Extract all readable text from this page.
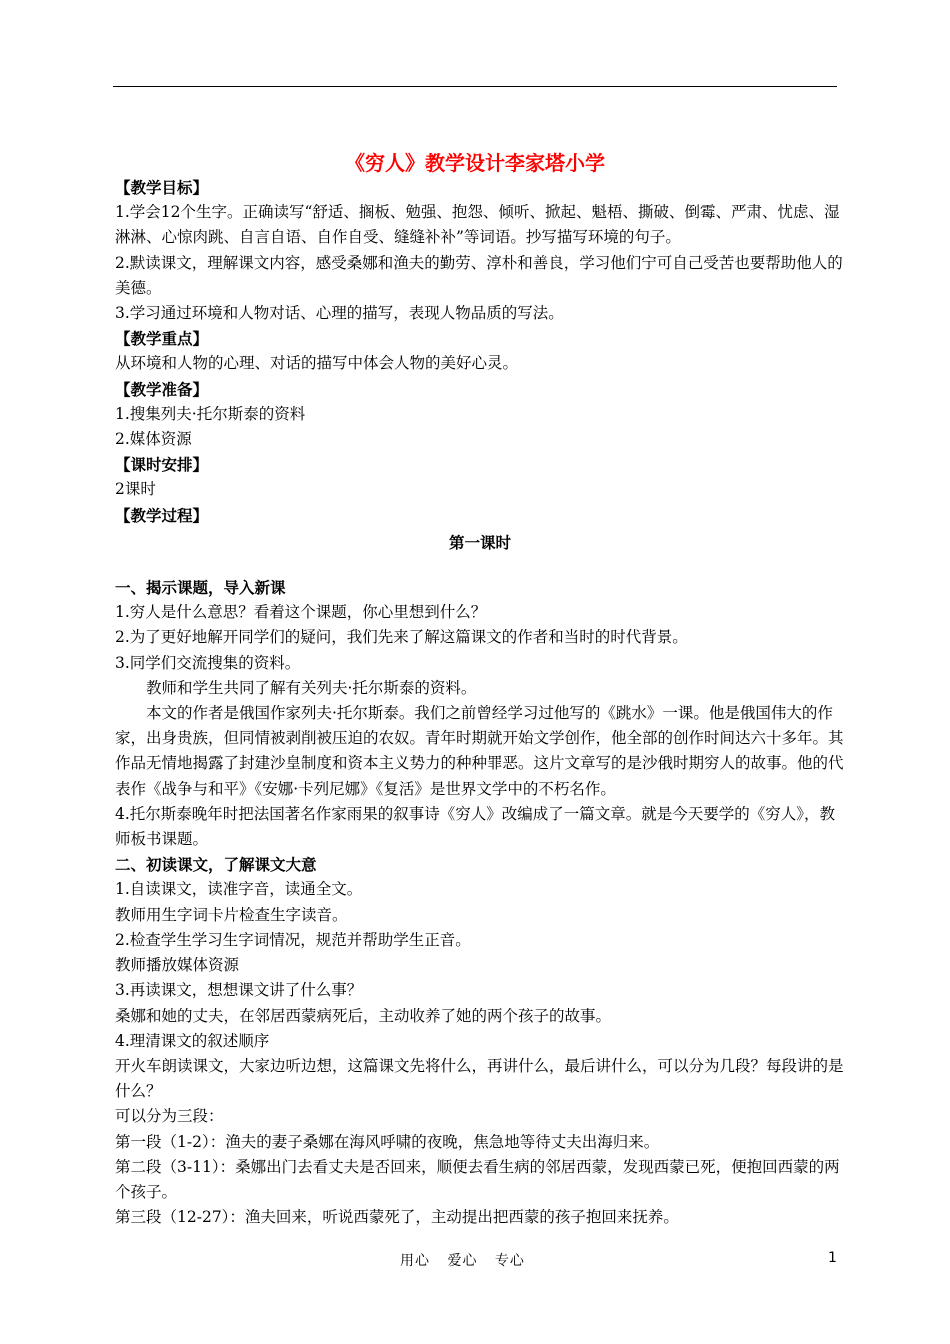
《穷人》教学设计李家塔小学

【教学目标】

1.学会12个生字。正确读写“舒适、搁板、勉强、抱怨、倾听、掀起、魁梧、撕破、倒霉、严肃、忧虑、湿淋淋、心惊肉跳、自言自语、自作自受、缝缝补补”等词语。抄写描写环境的句子。

2.默读课文，理解课文内容，感受桑娜和渔夫的勤劳、淳朴和善良，学习他们宁可自己受苦也要帮助他人的美德。

3.学习通过环境和人物对话、心理的描写，表现人物品质的写法。

【教学重点】

从环境和人物的心理、对话的描写中体会人物的美好心灵。

【教学准备】

1.搜集列夫·托尔斯泰的资料

2.媒体资源

【课时安排】

2课时

【教学过程】

第一课时

一、揭示课题，导入新课

1.穷人是什么意思？看着这个课题，你心里想到什么？

2.为了更好地解开同学们的疑问，我们先来了解这篇课文的作者和当时的时代背景。

3.同学们交流搜集的资料。

教师和学生共同了解有关列夫·托尔斯泰的资料。

本文的作者是俄国作家列夫·托尔斯泰。我们之前曾经学习过他写的《跳水》一课。他是俄国伟大的作家，出身贵族，但同情被剥削被压迫的农奴。青年时期就开始文学创作，他全部的创作时间达六十多年。其作品无情地揭露了封建沙皇制度和资本主义势力的种种罪恶。这片文章写的是沙俄时期穷人的故事。他的代表作《战争与和平》《安娜·卡列尼娜》《复活》是世界文学中的不朽名作。

4.托尔斯泰晚年时把法国著名作家雨果的叙事诗《穷人》改编成了一篇文章。就是今天要学的《穷人》，教师板书课题。

二、初读课文，了解课文大意

1.自读课文，读准字音，读通全文。

教师用生字词卡片检查生字读音。

2.检查学生学习生字词情况，规范并帮助学生正音。

教师播放媒体资源

3.再读课文，想想课文讲了什么事？

桑娜和她的丈夫，在邻居西蒙病死后，主动收养了她的两个孩子的故事。

4.理清课文的叙述顺序

开火车朗读课文，大家边听边想，这篇课文先将什么，再讲什么，最后讲什么，可以分为几段？每段讲的是什么？

可以分为三段：

第一段（1-2）：渔夫的妻子桑娜在海风呼啸的夜晚，焦急地等待丈夫出海归来。

第二段（3-11）：桑娜出门去看丈夫是否回来，顺便去看生病的邻居西蒙，发现西蒙已死，便抱回西蒙的两个孩子。

第三段（12-27）：渔夫回来，听说西蒙死了，主动提出把西蒙的孩子抱回来抚养。

用心 爱心 专心	1
